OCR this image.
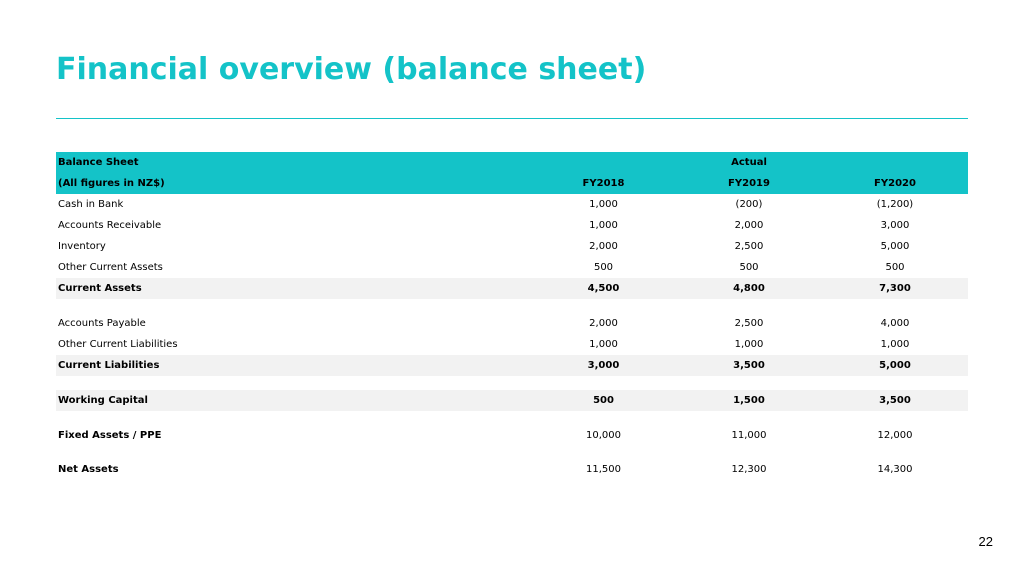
Financial overview (balance sheet)
Balance Sheet		Actual	
(All figures in NZ$)	FY2018	FY2019	FY2020
Cash in Bank	1,000	(200)	(1,200)
Accounts Receivable	1,000	2,000	3,000
Inventory	2,000	2,500	5,000
Other Current Assets	500	500	500
Current Assets	4,500	4,800	7,300

Accounts Payable	2,000	2,500	4,000
Other Current Liabilities	1,000	1,000	1,000
Current Liabilities	3,000	3,500	5,000

Working Capital	500	1,500	3,500

Fixed Assets / PPE	10,000	11,000	12,000

Net Assets	11,500	12,300	14,300
22
